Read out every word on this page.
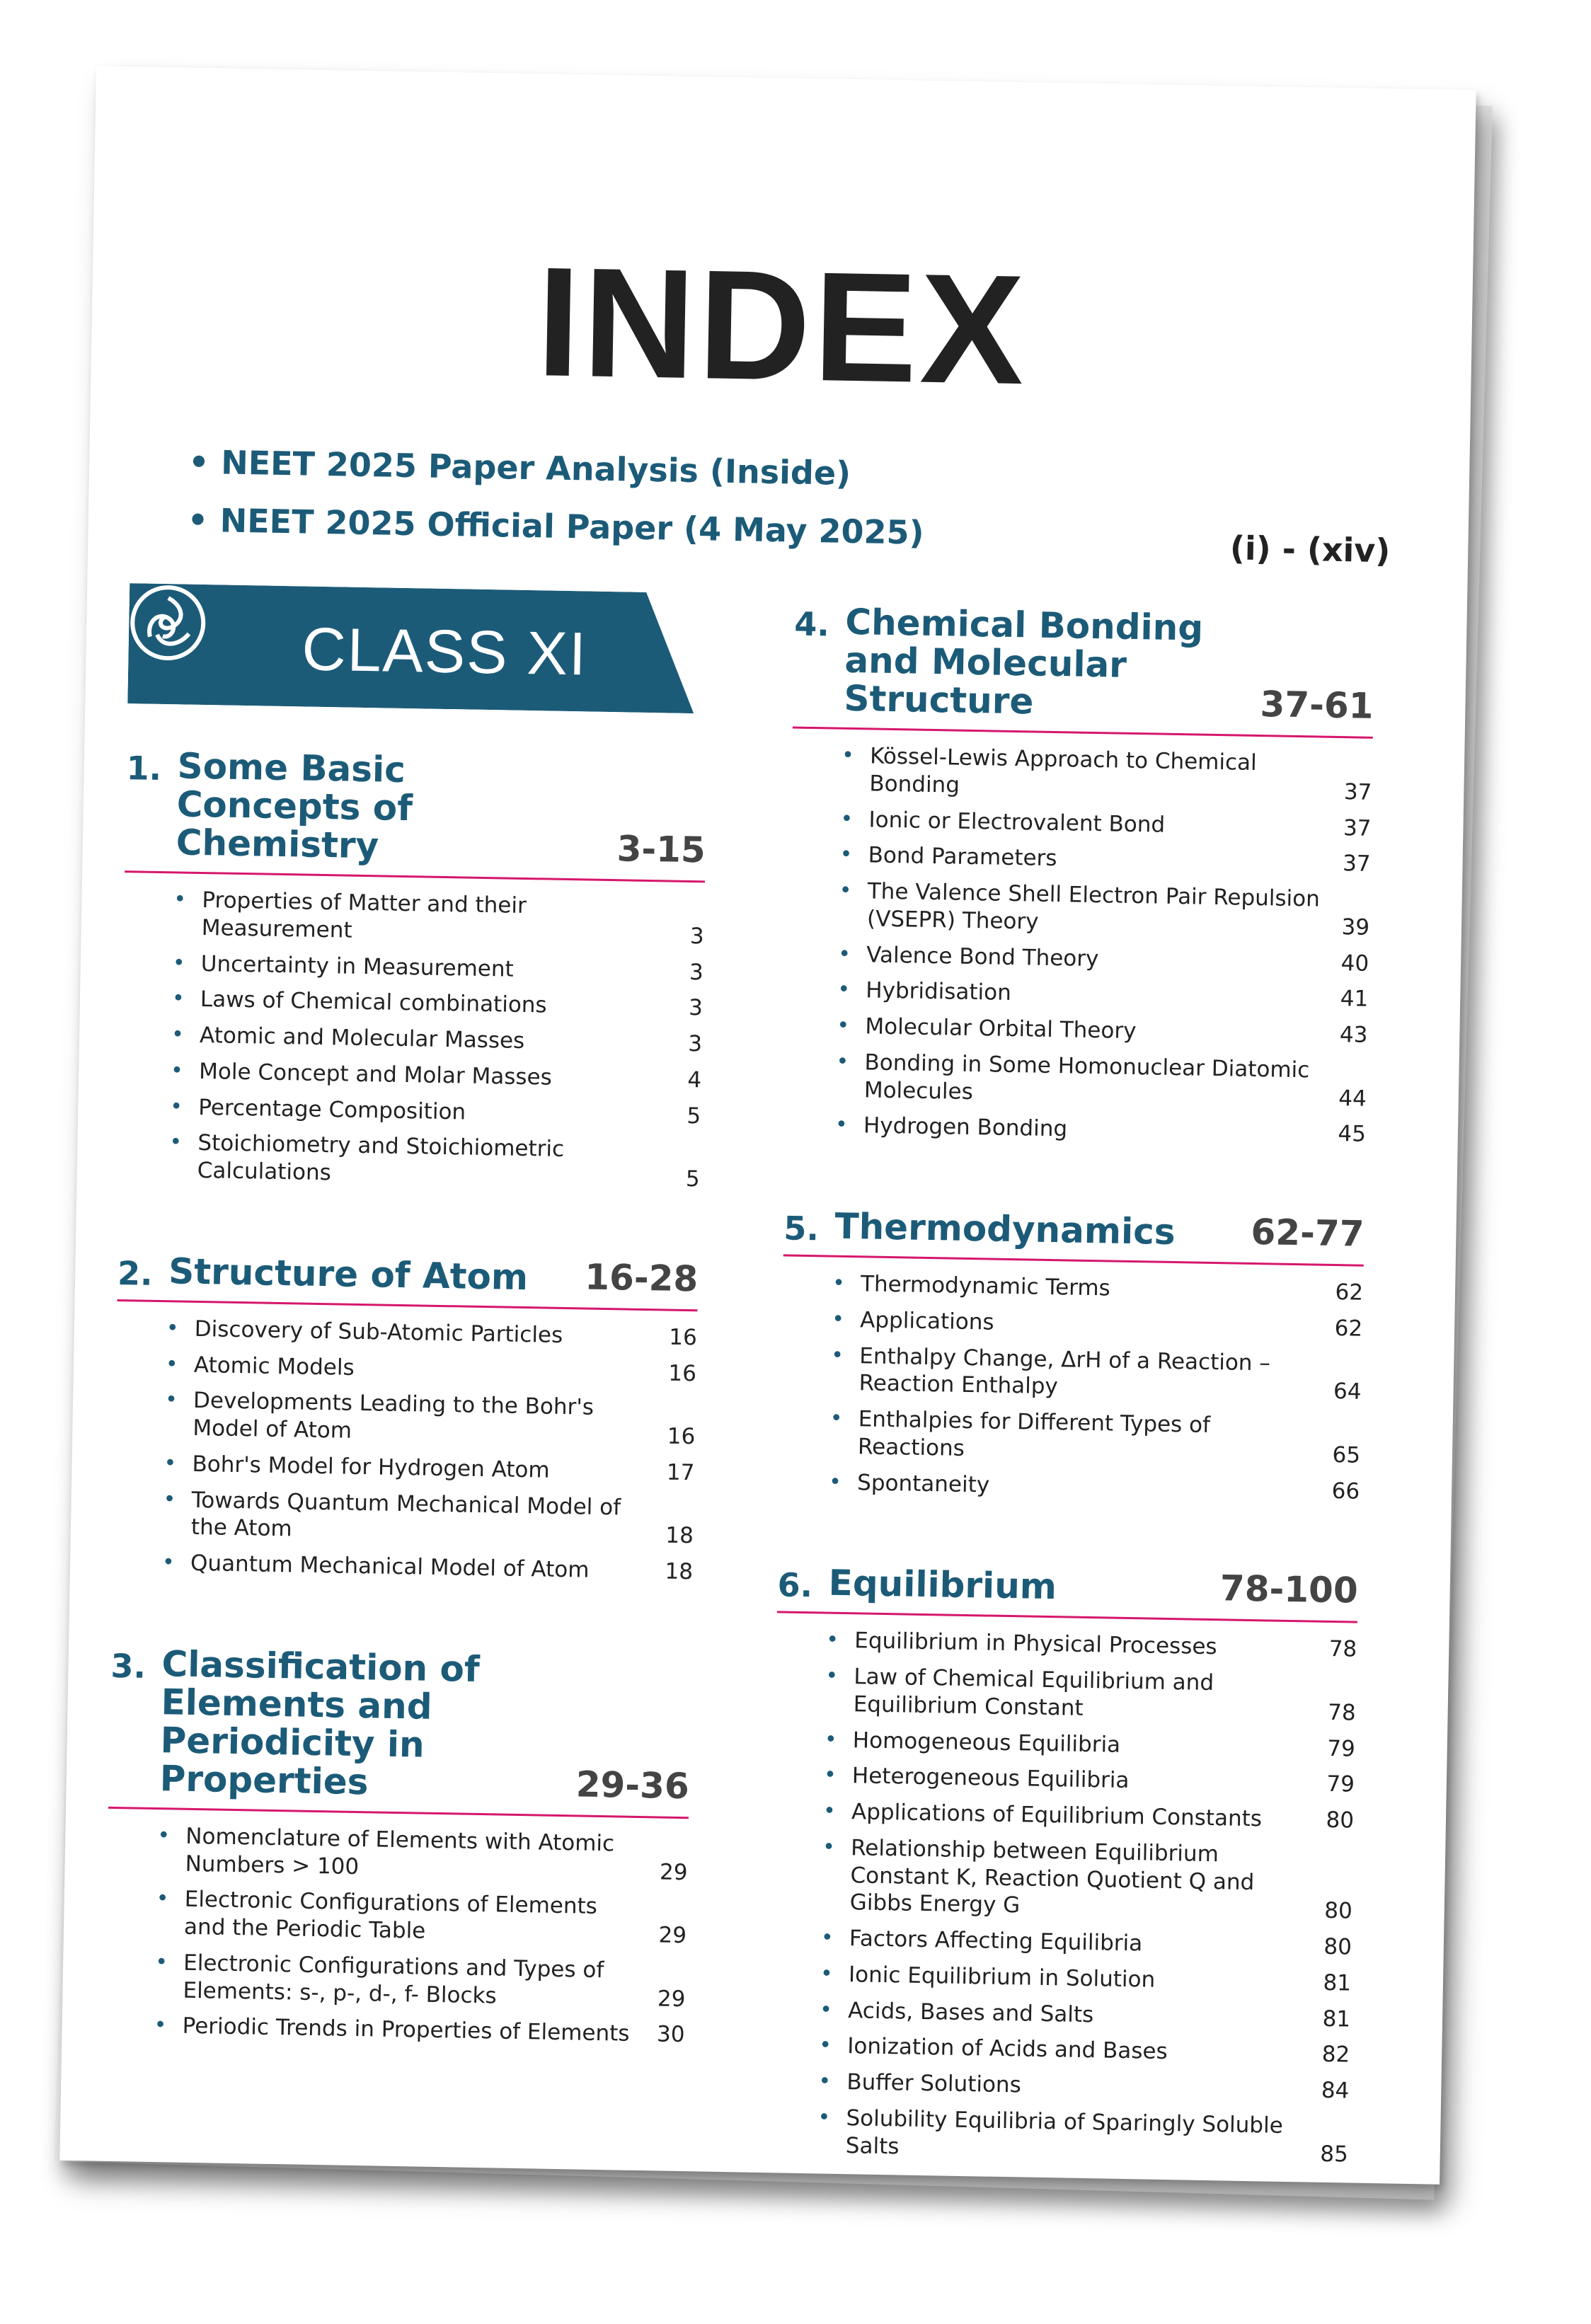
INDEX
• NEET 2025 Paper Analysis (Inside)
• NEET 2025 Official Paper (4 May 2025)	(i) - (xiv)
CLASS XI
1. Some Basic Concepts of Chemistry	3-15
• Properties of Matter and their Measurement	3
• Uncertainty in Measurement	3
• Laws of Chemical combinations	3
• Atomic and Molecular Masses	3
• Mole Concept and Molar Masses	4
• Percentage Composition	5
• Stoichiometry and Stoichiometric Calculations	5
2. Structure of Atom	16-28
• Discovery of Sub-Atomic Particles	16
• Atomic Models	16
• Developments Leading to the Bohr's Model of Atom	16
• Bohr's Model for Hydrogen Atom	17
• Towards Quantum Mechanical Model of the Atom	18
• Quantum Mechanical Model of Atom	18
3. Classification of Elements and Periodicity in Properties	29-36
• Nomenclature of Elements with Atomic Numbers > 100	29
• Electronic Configurations of Elements and the Periodic Table	29
• Electronic Configurations and Types of Elements: s-, p-, d-, f- Blocks	29
• Periodic Trends in Properties of Elements 30
4. Chemical Bonding and Molecular Structure	37-61
• Kössel-Lewis Approach to Chemical Bonding	37
• Ionic or Electrovalent Bond	37
• Bond Parameters	37
• The Valence Shell Electron Pair Repulsion (VSEPR) Theory	39
• Valence Bond Theory	40
• Hybridisation	41
• Molecular Orbital Theory	43
• Bonding in Some Homonuclear Diatomic Molecules	44
• Hydrogen Bonding	45
5. Thermodynamics	62-77
• Thermodynamic Terms	62
• Applications	62
• Enthalpy Change, ΔrH of a Reaction – Reaction Enthalpy	64
• Enthalpies for Different Types of Reactions	65
• Spontaneity	66
6. Equilibrium	78-100
• Equilibrium in Physical Processes	78
• Law of Chemical Equilibrium and Equilibrium Constant	78
• Homogeneous Equilibria	79
• Heterogeneous Equilibria	79
• Applications of Equilibrium Constants	80
• Relationship between Equilibrium Constant K, Reaction Quotient Q and Gibbs Energy G	80
• Factors Affecting Equilibria	80
• Ionic Equilibrium in Solution	81
• Acids, Bases and Salts	81
• Ionization of Acids and Bases	82
• Buffer Solutions	84
• Solubility Equilibria of Sparingly Soluble Salts	85
